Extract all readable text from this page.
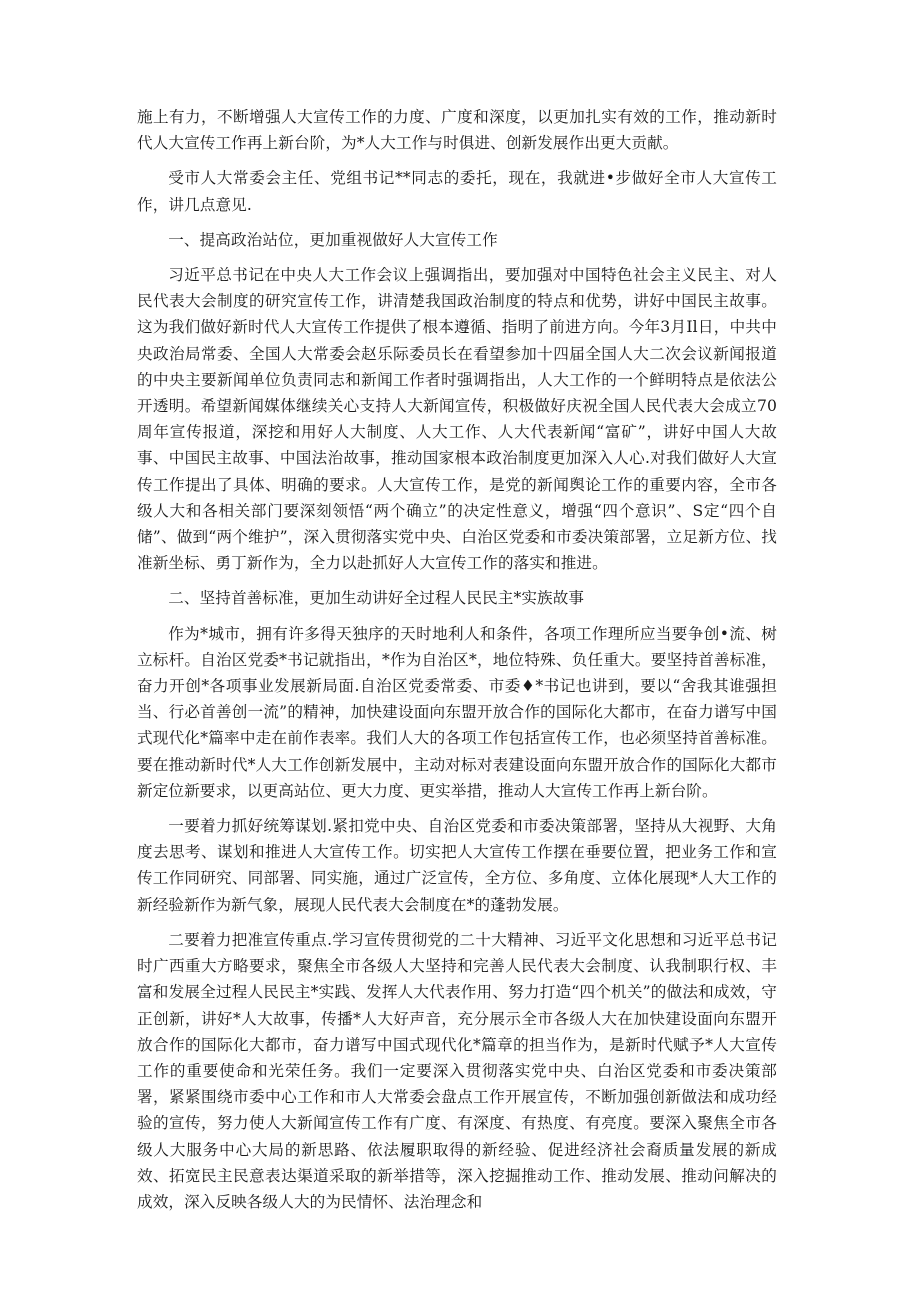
施上有力，不断增强人大宣传工作的力度、广度和深度，以更加扎实有效的工作，推动新时代人大宣传工作再上新台阶，为*人大工作与时俱进、创新发展作出更大贡献。

受市人大常委会主任、党组书记**同志的委托，现在，我就进•步做好全市人大宣传工作，讲几点意见.

一、提高政治站位，更加重视做好人大宣传工作

习近平总书记在中央人大工作会议上强调指出，要加强对中国特色社会主义民主、对人民代表大会制度的研究宣传工作，讲清楚我国政治制度的特点和优势，讲好中国民主故事。这为我们做好新时代人大宣传工作提供了根本遵循、指明了前进方向。今年3月Il日，中共中央政治局常委、全国人大常委会赵乐际委员长在看望参加十四届全国人大二次会议新闻报道的中央主要新闻单位负责同志和新闻工作者时强调指出，人大工作的一个鲜明特点是依法公开透明。希望新闻媒体继续关心支持人大新闻宣传，积极做好庆祝全国人民代表大会成立70周年宣传报道，深挖和用好人大制度、人大工作、人大代表新闻“富矿”，讲好中国人大故事、中国民主故事、中国法治故事，推动国家根本政治制度更加深入人心.对我们做好人大宣传工作提出了具体、明确的要求。人大宣传工作，是党的新闻舆论工作的重要内容，全市各级人大和各相关部门要深刻领悟“两个确立”的决定性意义，增强“四个意识”、S定“四个自储”、做到“两个维护”，深入贯彻落实党中央、白治区党委和市委决策部署，立足新方位、找准新坐标、勇丁新作为，全力以赴抓好人大宣传工作的落实和推进。

二、坚持首善标准，更加生动讲好全过程人民民主*实族故事

作为*城市，拥有许多得天独序的天时地利人和条件，各项工作理所应当要争创•流、树立标杆。自治区党委*书记就指出，*作为自治区*，地位特殊、负任重大。要坚持首善标准，奋力开创*各项事业发展新局面.自治区党委常委、市委♦*书记也讲到，要以“舍我其谁强担当、行必首善创一流”的精神，加快建设面向东盟开放合作的国际化大都市，在奋力谱写中国式现代化*篇率中走在前作表率。我们人大的各项工作包括宣传工作，也必须坚持首善标准。要在推动新时代*人大工作创新发展中，主动对标对表建设面向东盟开放合作的国际化大都市新定位新要求，以更高站位、更大力度、更实举措，推动人大宣传工作再上新台阶。

一要着力抓好统筹谋划.紧扣党中央、自治区党委和市委决策部署，坚持从大视野、大角度去思考、谋划和推进人大宣传工作。切实把人大宣传工作摆在垂要位置，把业务工作和宣传工作同研究、同部署、同实施，通过广泛宣传，全方位、多角度、立体化展现*人大工作的新经验新作为新气象，展现人民代表大会制度在*的蓬勃发展。

二要着力把准宣传重点.学习宣传贯彻党的二十大精神、习近平文化思想和习近平总书记时广西重大方略要求，聚焦全市各级人大坚持和完善人民代表大会制度、认我制职行权、丰富和发展全过程人民民主*实践、发挥人大代表作用、努力打造“四个机关”的做法和成效，守正创新，讲好*人大故事，传播*人大好声音，充分展示全市各级人大在加快建设面向东盟开放合作的国际化大都市，奋力谱写中国式现代化*篇章的担当作为，是新时代赋予*人大宣传工作的重要使命和光荣任务。我们一定要深入贯彻落实党中央、白治区党委和市委决策部署，紧紧围绕市委中心工作和市人大常委会盘点工作开展宣传，不断加强创新做法和成功经验的宣传，努力使人大新闻宣传工作有广度、有深度、有热度、有亮度。要深入聚焦全市各级人大服务中心大局的新思路、依法履职取得的新经验、促进经济社会裔质量发展的新成效、拓宽民主民意表达渠道采取的新举措等，深入挖掘推动工作、推动发展、推动问解决的成效，深入反映各级人大的为民情怀、法治理念和
